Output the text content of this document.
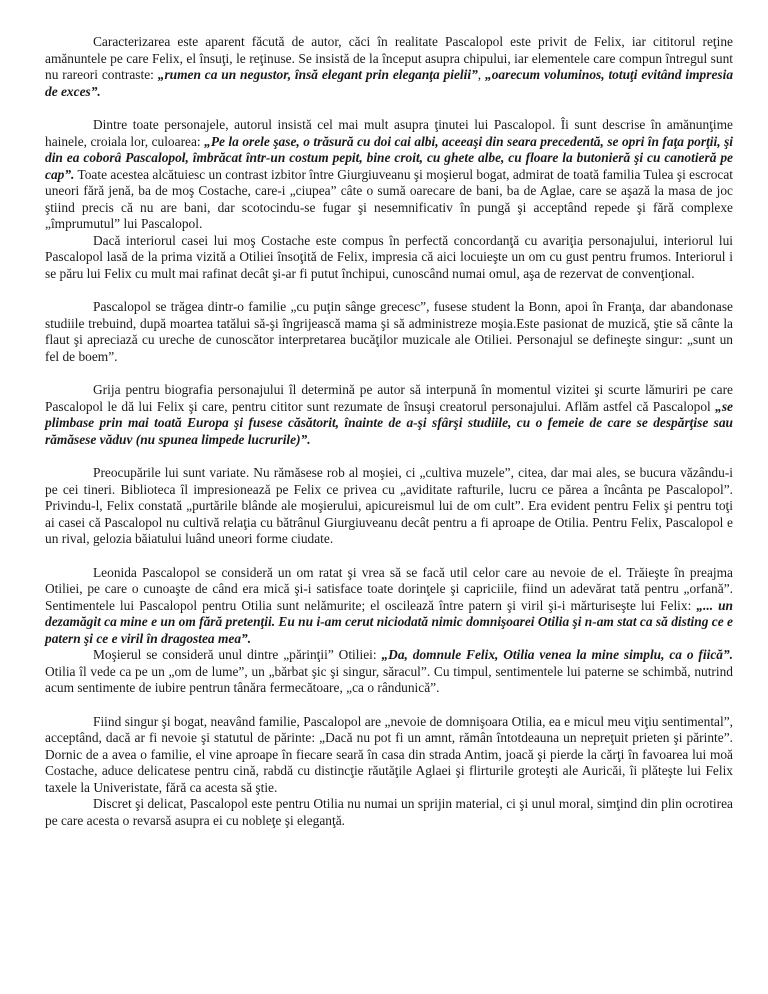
Caracterizarea este aparent făcută de autor, căci în realitate Pascalopol este privit de Felix, iar cititorul reţine amănuntele pe care Felix, el însuţi, le reţinuse. Se insistă de la început asupra chipului, iar elementele care compun întregul sunt nu rareori contraste: „rumen ca un negustor, însă elegant prin eleganţa pielii”, „oarecum voluminos, totuţi evitând impresia de exces”.

Dintre toate personajele, autorul insistă cel mai mult asupra ţinutei lui Pascalopol. Îi sunt descrise în amănunţime hainele, croiala lor, culoarea: „Pe la orele şase, o trăsură cu doi cai albi, aceeaşi din seara precedentă, se opri în faţa porţii, şi din ea coborâ Pascalopol, îmbrăcat într-un costum pepit, bine croit, cu ghete albe, cu floare la butonieră şi cu canotieră pe cap”. Toate acestea alcătuiesc un contrast izbitor între Giurgiuveanu şi moşierul bogat, admirat de toată familia Tulea şi escrocat uneori fără jenă, ba de moş Costache, care-i „ciupea” câte o sumă oarecare de bani, ba de Aglae, care se aşază la masa de joc ştiind precis că nu are bani, dar scotocindu-se fugar şi nesemnificativ în pungă şi acceptând repede şi fără complexe „împrumutul” lui Pascalopol.

Dacă interiorul casei lui moş Costache este compus în perfectă concordanţă cu avariţia personajului, interiorul lui Pascalopol lasă de la prima vizită a Otiliei însoţită de Felix, impresia că aici locuieşte un om cu gust pentru frumos. Interiorul i se păru lui Felix cu mult mai rafinat decât şi-ar fi putut închipui, cunoscând numai omul, aşa de rezervat de convenţional.

Pascalopol se trăgea dintr-o familie „cu puţin sânge grecesc”, fusese student la Bonn, apoi în Franţa, dar abandonase studiile trebuind, după moartea tatălui să-şi îngrijească mama şi să administreze moşia.Este pasionat de muzică, ştie să cânte la flaut şi apreciază cu ureche de cunoscător interpretarea bucăţilor muzicale ale Otiliei. Personajul se defineşte singur: „sunt un fel de boem”.

Grija pentru biografia personajului îl determină pe autor să interpună în momentul vizitei şi scurte lămuriri pe care Pascalopol le dă lui Felix şi care, pentru cititor sunt rezumate de însuşi creatorul personajului. Aflăm astfel că Pascalopol „se plimbase prin mai toată Europa şi fusese căsătorit, înainte de a-şi sfârşi studiile, cu o femeie de care se despărţise sau rămăsese văduv (nu spunea limpede lucrurile)”.

Preocupările lui sunt variate. Nu rămăsese rob al moşiei, ci „cultiva muzele”, citea, dar mai ales, se bucura văzându-i pe cei tineri. Biblioteca îl impresionează pe Felix ce privea cu „aviditate rafturile, lucru ce părea a încânta pe Pascalopol”. Privindu-l, Felix constată „purtările blânde ale moşierului, apicureismul lui de om cult”. Era evident pentru Felix şi pentru toţi ai casei că Pascalopol nu cultivă relaţia cu bătrânul Giurgiuveanu decât pentru a fi aproape de Otilia. Pentru Felix, Pascalopol e un rival, gelozia băiatului luând uneori forme ciudate.

Leonida Pascalopol se consideră un om ratat şi vrea să se facă util celor care au nevoie de el. Trăieşte în preajma Otiliei, pe care o cunoaşte de când era mică şi-i satisface toate dorinţele şi capriciile, fiind un adevărat tată pentru „orfană”. Sentimentele lui Pascalopol pentru Otilia sunt nelămurite; el oscilează între patern şi viril şi-i mărturiseşte lui Felix: „... un dezamăgit ca mine e un om fără pretenţii. Eu nu i-am cerut niciodată nimic domnişoarei Otilia şi n-am stat ca să disting ce e patern şi ce e viril în dragostea mea”.

Moşierul se consideră unul dintre „părinţii” Otiliei: „Da, domnule Felix, Otilia venea la mine simplu, ca o fiică”. Otilia îl vede ca pe un „om de lume”, un „bărbat şic şi singur, săracul”. Cu timpul, sentimentele lui paterne se schimbă, nutrind acum sentimente de iubire pentrun tânăra fermecătoare, „ca o rândunică”.

Fiind singur şi bogat, neavând familie, Pascalopol are „nevoie de domnişoara Otilia, ea e micul meu viţiu sentimental”, acceptând, dacă ar fi nevoie şi statutul de părinte: „Dacă nu pot fi un amnt, rămân întotdeauna un nepreţuit prieten şi părinte”. Dornic de a avea o familie, el vine aproape în fiecare seară în casa din strada Antim, joacă şi pierde la cărţi în favoarea lui moă Costache, aduce delicatese pentru cină, rabdă cu distincţie răutăţile Aglaei şi flirturile groteşti ale Auricăi, îi plăteşte lui Felix taxele la Univeristate, fără ca acesta să ştie.

Discret şi delicat, Pascalopol este pentru Otilia nu numai un sprijin material, ci şi unul moral, simţind din plin ocrotirea pe care acesta o revarsă asupra ei cu nobleţe şi eleganţă.
